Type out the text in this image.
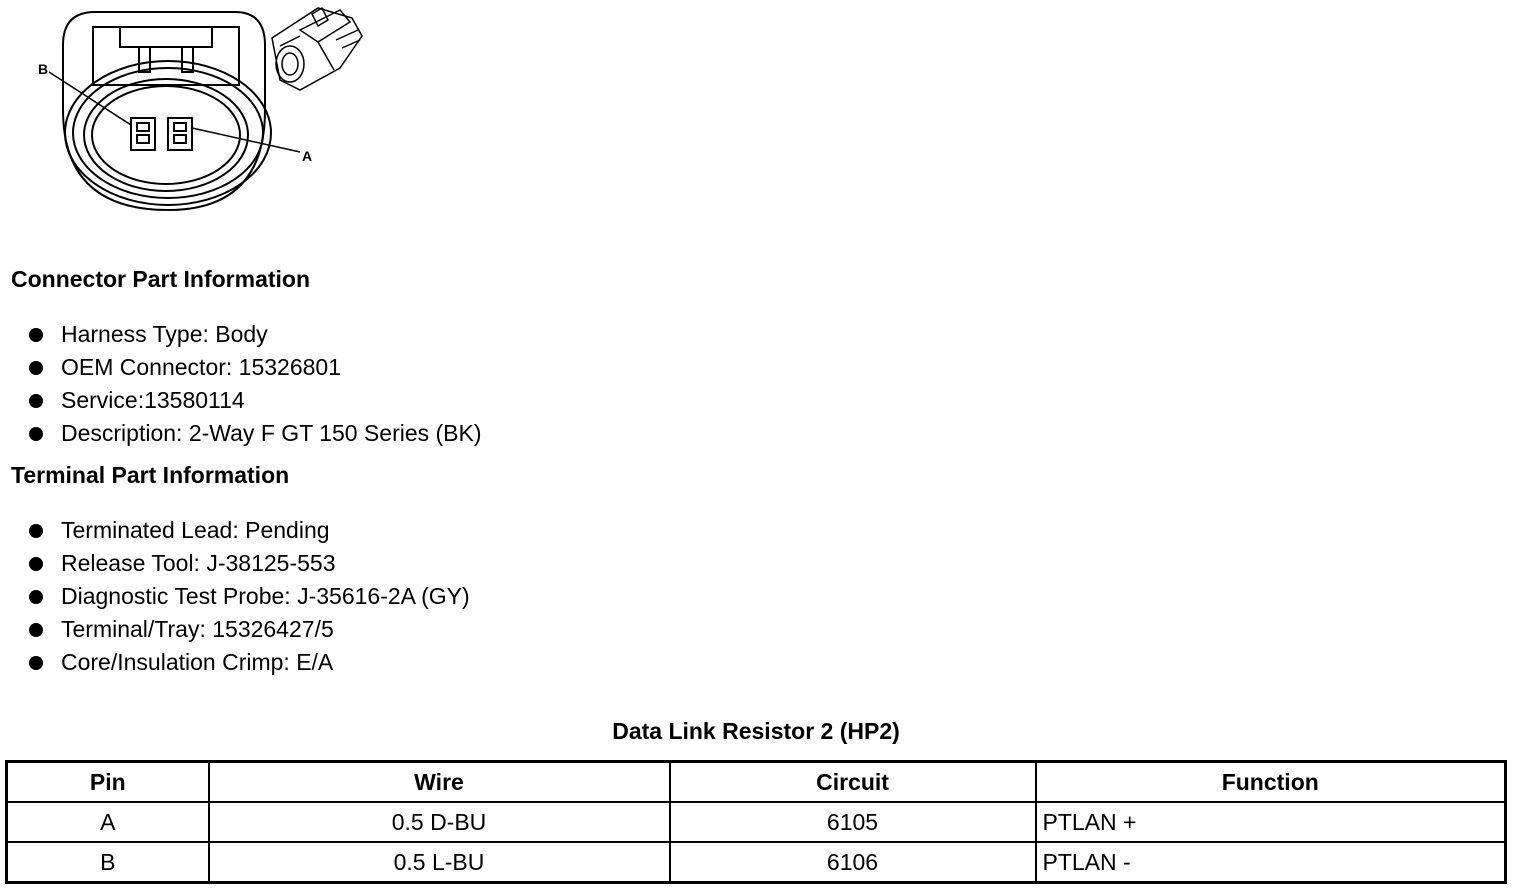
B
A
Connector Part Information
Harness Type: Body
OEM Connector: 15326801
Service:13580114
Description: 2-Way F GT 150 Series (BK)
Terminal Part Information
Terminated Lead: Pending
Release Tool: J-38125-553
Diagnostic Test Probe: J-35616-2A (GY)
Terminal/Tray: 15326427/5
Core/Insulation Crimp: E/A
Data Link Resistor 2 (HP2)
Pin	Wire	Circuit	Function
A	0.5 D-BU	6105	PTLAN +
B	0.5 L-BU	6106	PTLAN -
